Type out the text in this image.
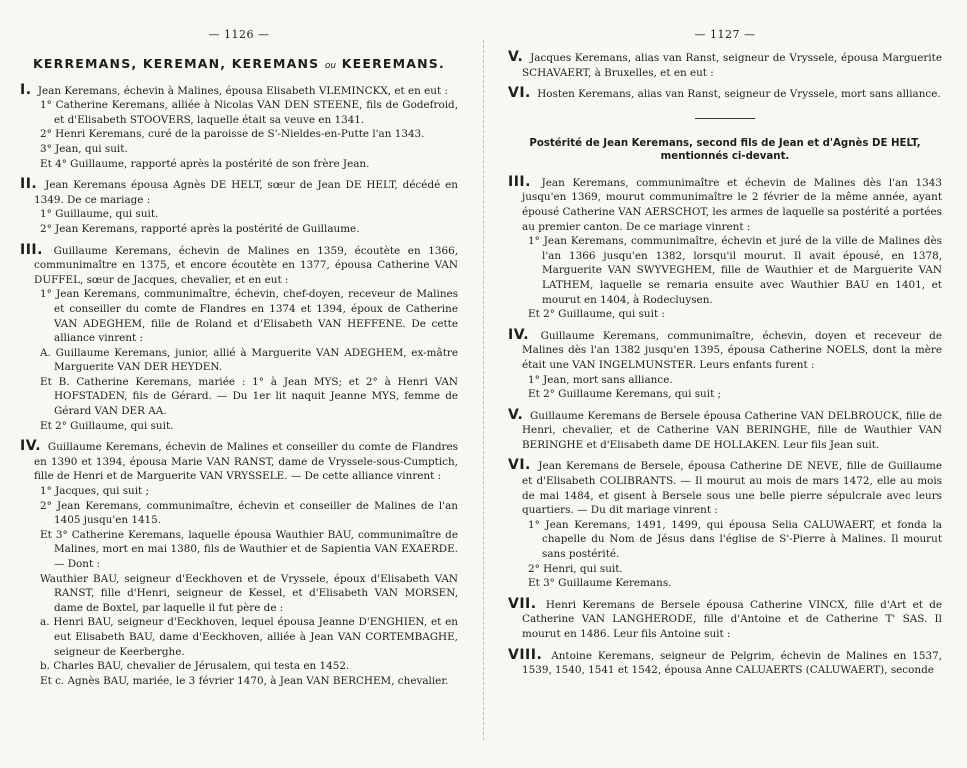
— 1126 —
KERREMANS, KEREMAN, KEREMANS ou KEEREMANS.
I. Jean Keremans, échevin à Malines, épousa Elisabeth VLEMINCKX, et en eut :
1° Catherine Keremans, alliée à Nicolas VAN DEN STEENE, fils de Godefroid, et d'Elisabeth STOOVERS, laquelle était sa veuve en 1341.
2° Henri Keremans, curé de la paroisse de S'-Nieldes-en-Putte l'an 1343.
3° Jean, qui suit.
Et 4° Guillaume, rapporté après la postérité de son frère Jean.
II. Jean Keremans épousa Agnès DE HELT, sœur de Jean DE HELT, décédé en 1349. De ce mariage :
1° Guillaume, qui suit.
2° Jean Keremans, rapporté après la postérité de Guillaume.
III. Guillaume Keremans, échevin de Malines en 1359, écoutète en 1366, communimaître en 1375, et encore écoutète en 1377, épousa Catherine VAN DUFFEL, sœur de Jacques, chevalier, et en eut :
1° Jean Keremans, communimaître, échevin, chef-doyen, receveur de Malines et conseiller du comte de Flandres en 1374 et 1394, époux de Catherine VAN ADEGHEM, fille de Roland et d'Elisabeth VAN HEFFENE. De cette alliance vinrent :
A. Guillaume Keremans, junior, allié à Marguerite VAN ADEGHEM, ex-mâtre Marguerite VAN DER HEYDEN.
Et B. Catherine Keremans, mariée : 1° à Jean MYS; et 2° à Henri VAN HOFSTADEN, fils de Gérard. — Du 1er lit naquit Jeanne MYS, femme de Gérard VAN DER AA.
Et 2° Guillaume, qui suit.
IV. Guillaume Keremans, échevin de Malines et conseiller du comte de Flandres en 1390 et 1394, épousa Marie VAN RANST, dame de Vryssele-sous-Cumptich, fille de Henri et de Marguerite VAN VRYSSELE. — De cette alliance vinrent :
1° Jacques, qui suit ;
2° Jean Keremans, communimaître, échevin et conseiller de Malines de l'an 1405 jusqu'en 1415.
Et 3° Catherine Keremans, laquelle épousa Wauthier BAU, communimaître de Malines, mort en mai 1380, fils de Wauthier et de Sapientia VAN EXAERDE. — Dont :
Wauthier BAU, seigneur d'Eeckhoven et de Vryssele, époux d'Elisabeth VAN RANST, fille d'Henri, seigneur de Kessel, et d'Elisabeth VAN MORSEN, dame de Boxtel, par laquelle il fut père de :
a. Henri BAU, seigneur d'Eeckhoven, lequel épousa Jeanne D'ENGHIEN, et en eut Elisabeth BAU, dame d'Eeckhoven, alliée à Jean VAN CORTEMBAGHE, seigneur de Keerberghe.
b. Charles BAU, chevalier de Jérusalem, qui testa en 1452.
Et c. Agnès BAU, mariée, le 3 février 1470, à Jean VAN BERCHEM, chevalier.
— 1127 —
V. Jacques Keremans, alias van Ranst, seigneur de Vryssele, épousa Marguerite SCHAVAERT, à Bruxelles, et en eut :
VI. Hosten Keremans, alias van Ranst, seigneur de Vryssele, mort sans alliance.
Postérité de Jean Keremans, second fils de Jean et d'Agnès DE HELT, mentionnés ci-devant.
III. Jean Keremans, communimaître et échevin de Malines dès l'an 1343 jusqu'en 1369, mourut communimaître le 2 février de la même année, ayant épousé Catherine VAN AERSCHOT, les armes de laquelle sa postérité a portées au premier canton. De ce mariage vinrent :
1° Jean Keremans, communimaître, échevin et juré de la ville de Malines dès l'an 1366 jusqu'en 1382, lorsqu'il mourut. Il avait épousé, en 1378, Marguerite VAN SWYVEGHEM, fille de Wauthier et de Marguerite VAN LATHEM, laquelle se remaria ensuite avec Wauthier BAU en 1401, et mourut en 1404, à Rodecluysen.
Et 2° Guillaume, qui suit :
IV. Guillaume Keremans, communimaître, échevin, doyen et receveur de Malines dès l'an 1382 jusqu'en 1395, épousa Catherine NOELS, dont la mère était une VAN INGELMUNSTER. Leurs enfants furent :
1° Jean, mort sans alliance.
Et 2° Guillaume Keremans, qui suit ;
V. Guillaume Keremans de Bersele épousa Catherine VAN DELBROUCK, fille de Henri, chevalier, et de Catherine VAN BERINGHE, fille de Wauthier VAN BERINGHE et d'Elisabeth dame DE HOLLAKEN. Leur fils Jean suit.
VI. Jean Keremans de Bersele, épousa Catherine DE NEVE, fille de Guillaume et d'Elisabeth COLIBRANTS. — Il mourut au mois de mars 1472, elle au mois de mai 1484, et gisent à Bersele sous une belle pierre sépulcrale avec leurs quartiers. — Du dit mariage vinrent :
1° Jean Keremans, 1491, 1499, qui épousa Selia CALUWAERT, et fonda la chapelle du Nom de Jésus dans l'église de S'-Pierre à Malines. Il mourut sans postérité.
2° Henri, qui suit.
Et 3° Guillaume Keremans.
VII. Henri Keremans de Bersele épousa Catherine VINCX, fille d'Art et de Catherine VAN LANGHERODE, fille d'Antoine et de Catherine T' SAS. Il mourut en 1486. Leur fils Antoine suit :
VIII. Antoine Keremans, seigneur de Pelgrim, échevin de Malines en 1537, 1539, 1540, 1541 et 1542, épousa Anne CALUAERTS (CALUWAERT), seconde
